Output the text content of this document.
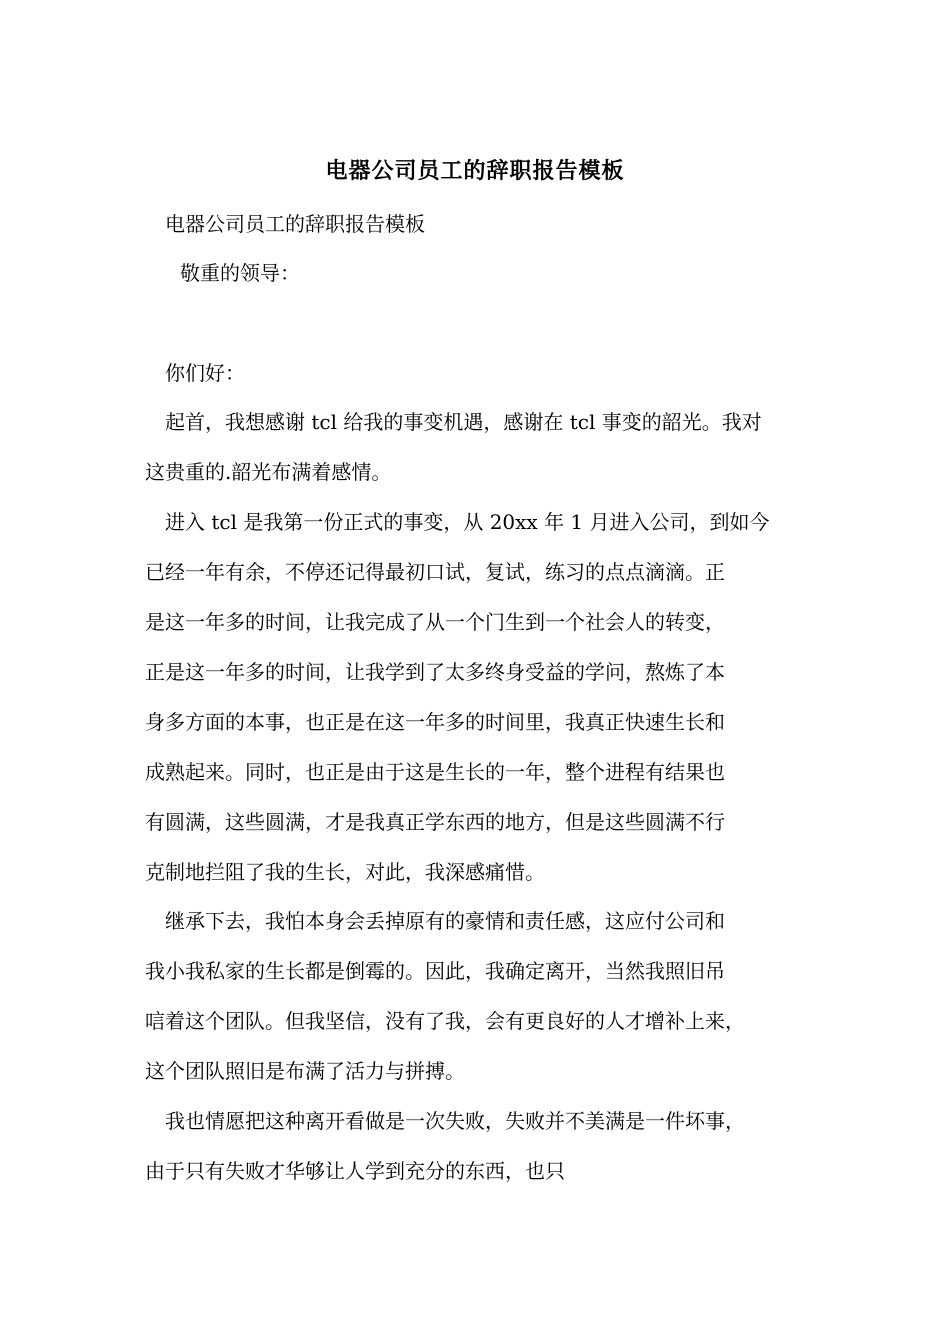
电器公司员工的辞职报告模板
电器公司员工的辞职报告模板
敬重的领导：
你们好：
起首，我想感谢 tcl 给我的事变机遇，感谢在 tcl 事变的韶光。我对
这贵重的.韶光布满着感情。
进入 tcl 是我第一份正式的事变，从 20xx 年 1 月进入公司，到如今
已经一年有余，不停还记得最初口试，复试，练习的点点滴滴。正
是这一年多的时间，让我完成了从一个门生到一个社会人的转变，
正是这一年多的时间，让我学到了太多终身受益的学问，熬炼了本
身多方面的本事，也正是在这一年多的时间里，我真正快速生长和
成熟起来。同时，也正是由于这是生长的一年，整个进程有结果也
有圆满，这些圆满，才是我真正学东西的地方，但是这些圆满不行
克制地拦阻了我的生长，对此，我深感痛惜。
继承下去，我怕本身会丢掉原有的豪情和责任感，这应付公司和
我小我私家的生长都是倒霉的。因此，我确定离开，当然我照旧吊
唁着这个团队。但我坚信，没有了我，会有更良好的人才增补上来，
这个团队照旧是布满了活力与拼搏。
我也情愿把这种离开看做是一次失败，失败并不美满是一件坏事，
由于只有失败才华够让人学到充分的东西，也只
